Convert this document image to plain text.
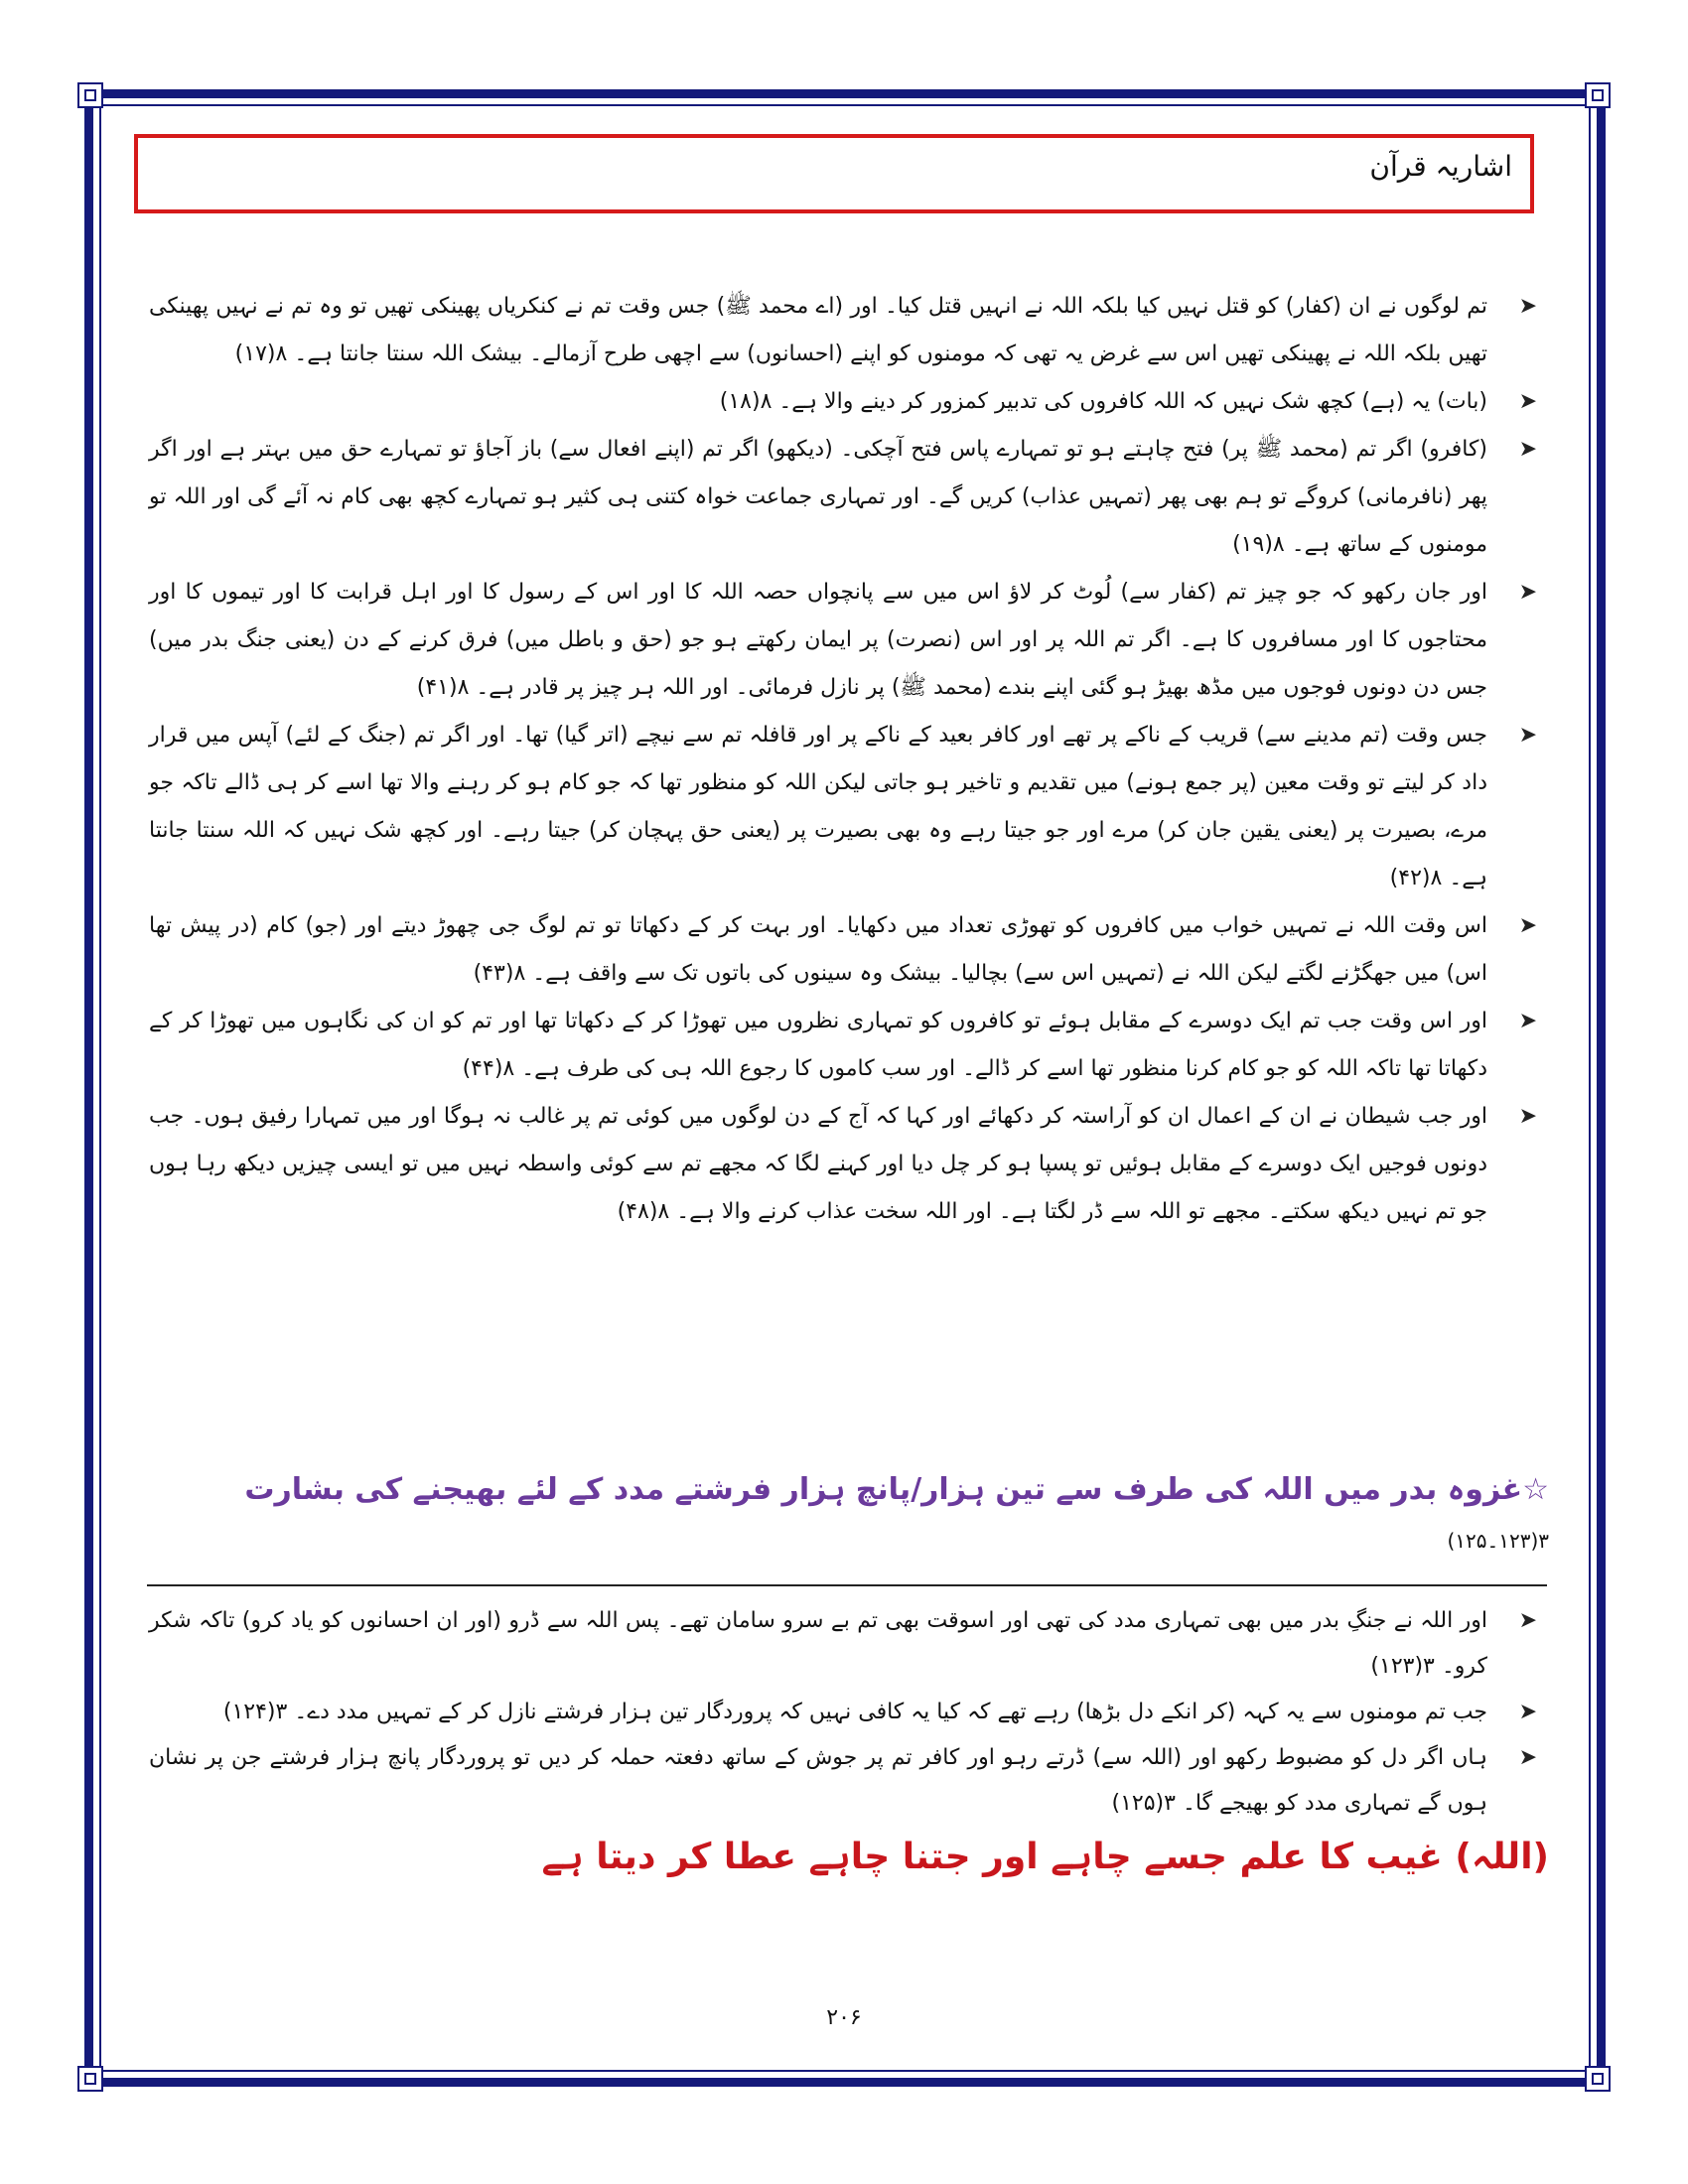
اشاریہ قرآن
➤
تم لوگوں نے ان (کفار) کو قتل نہیں کیا بلکہ اللہ نے انہیں قتل کیا۔ اور (اے محمد ﷺ) جس وقت تم نے کنکریاں پھینکی تھیں تو وہ تم نے نہیں پھینکی تھیں بلکہ اللہ نے پھینکی تھیں اس سے غرض یہ تھی کہ مومنوں کو اپنے (احسانوں) سے اچھی طرح آزمالے۔ بیشک اللہ سنتا جانتا ہے۔ ۸(۱۷)
➤
(بات) یہ (ہے) کچھ شک نہیں کہ اللہ کافروں کی تدبیر کمزور کر دینے والا ہے۔ ۸(۱۸)
➤
(کافرو) اگر تم (محمد ﷺ پر) فتح چاہتے ہو تو تمہارے پاس فتح آچکی۔ (دیکھو) اگر تم (اپنے افعال سے) باز آجاؤ تو تمہارے حق میں بہتر ہے اور اگر پھر (نافرمانی) کروگے تو ہم بھی پھر (تمہیں عذاب) کریں گے۔ اور تمہاری جماعت خواہ کتنی ہی کثیر ہو تمہارے کچھ بھی کام نہ آئے گی اور اللہ تو مومنوں کے ساتھ ہے۔ ۸(۱۹)
➤
اور جان رکھو کہ جو چیز تم (کفار سے) لُوٹ کر لاؤ اس میں سے پانچواں حصہ اللہ کا اور اس کے رسول کا اور اہل قرابت کا اور تیموں کا اور محتاجوں کا اور مسافروں کا ہے۔ اگر تم اللہ پر اور اس (نصرت) پر ایمان رکھتے ہو جو (حق و باطل میں) فرق کرنے کے دن (یعنی جنگ بدر میں) جس دن دونوں فوجوں میں مڈھ بھیڑ ہو گئی اپنے بندے (محمد ﷺ) پر نازل فرمائی۔ اور اللہ ہر چیز پر قادر ہے۔ ۸(۴۱)
➤
جس وقت (تم مدینے سے) قریب کے ناکے پر تھے اور کافر بعید کے ناکے پر اور قافلہ تم سے نیچے (اتر گیا) تھا۔ اور اگر تم (جنگ کے لئے) آپس میں قرار داد کر لیتے تو وقت معین (پر جمع ہونے) میں تقدیم و تاخیر ہو جاتی لیکن اللہ کو منظور تھا کہ جو کام ہو کر رہنے والا تھا اسے کر ہی ڈالے تاکہ جو مرے، بصیرت پر (یعنی یقین جان کر) مرے اور جو جیتا رہے وہ بھی بصیرت پر (یعنی حق پہچان کر) جیتا رہے۔ اور کچھ شک نہیں کہ اللہ سنتا جانتا ہے۔ ۸(۴۲)
➤
اس وقت اللہ نے تمہیں خواب میں کافروں کو تھوڑی تعداد میں دکھایا۔ اور بہت کر کے دکھاتا تو تم لوگ جی چھوڑ دیتے اور (جو) کام (در پیش تھا اس) میں جھگڑنے لگتے لیکن اللہ نے (تمہیں اس سے) بچالیا۔ بیشک وہ سینوں کی باتوں تک سے واقف ہے۔ ۸(۴۳)
➤
اور اس وقت جب تم ایک دوسرے کے مقابل ہوئے تو کافروں کو تمہاری نظروں میں تھوڑا کر کے دکھاتا تھا اور تم کو ان کی نگاہوں میں تھوڑا کر کے دکھاتا تھا تاکہ اللہ کو جو کام کرنا منظور تھا اسے کر ڈالے۔ اور سب کاموں کا رجوع اللہ ہی کی طرف ہے۔ ۸(۴۴)
➤
اور جب شیطان نے ان کے اعمال ان کو آراستہ کر دکھائے اور کہا کہ آج کے دن لوگوں میں کوئی تم پر غالب نہ ہوگا اور میں تمہارا رفیق ہوں۔ جب دونوں فوجیں ایک دوسرے کے مقابل ہوئیں تو پسپا ہو کر چل دیا اور کہنے لگا کہ مجھے تم سے کوئی واسطہ نہیں میں تو ایسی چیزیں دیکھ رہا ہوں جو تم نہیں دیکھ سکتے۔ مجھے تو اللہ سے ڈر لگتا ہے۔ اور اللہ سخت عذاب کرنے والا ہے۔ ۸(۴۸)
☆غزوہ بدر میں اللہ کی طرف سے تین ہزار/پانچ ہزار فرشتے مدد کے لئے بھیجنے کی بشارت
۳(۱۲۳۔۱۲۵)
➤
اور اللہ نے جنگِ بدر میں بھی تمہاری مدد کی تھی اور اسوقت بھی تم بے سرو سامان تھے۔ پس اللہ سے ڈرو (اور ان احسانوں کو یاد کرو) تاکہ شکر کرو۔ ۳(۱۲۳)
➤
جب تم مومنوں سے یہ کہہ (کر انکے دل بڑھا) رہے تھے کہ کیا یہ کافی نہیں کہ پروردگار تین ہزار فرشتے نازل کر کے تمہیں مدد دے۔ ۳(۱۲۴)
➤
ہاں اگر دل کو مضبوط رکھو اور (اللہ سے) ڈرتے رہو اور کافر تم پر جوش کے ساتھ دفعتہ حملہ کر دیں تو پروردگار پانچ ہزار فرشتے جن پر نشان ہوں گے تمہاری مدد کو بھیجے گا۔ ۳(۱۲۵)
(اللہ) غیب کا علم جسے چاہے اور جتنا چاہے عطا کر دیتا ہے
۲۰۶
